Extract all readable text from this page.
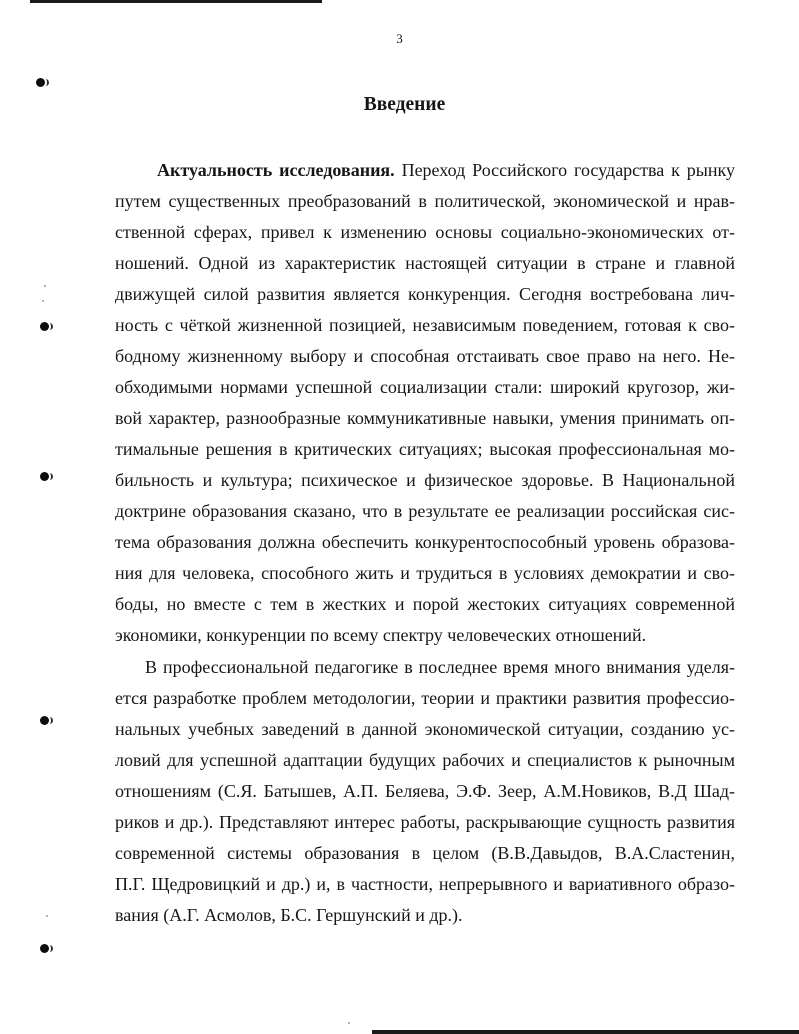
3
Введение

Актуальность исследования. Переход Российского государства к рынку
путем существенных преобразований в политической, экономической и нрав-
ственной сферах, привел к изменению основы социально-экономических от-
ношений. Одной из характеристик настоящей ситуации в стране и главной
движущей силой развития является конкуренция. Сегодня востребована лич-
ность с чёткой жизненной позицией, независимым поведением, готовая к сво-
бодному жизненному выбору и способная отстаивать свое право на него. Не-
обходимыми нормами успешной социализации стали: широкий кругозор, жи-
вой характер, разнообразные коммуникативные навыки, умения принимать оп-
тимальные решения в критических ситуациях; высокая профессиональная мо-
бильность и культура; психическое и физическое здоровье. В Национальной
доктрине образования сказано, что в результате ее реализации российская сис-
тема образования должна обеспечить конкурентоспособный уровень образова-
ния для человека, способного жить и трудиться в условиях демократии и сво-
боды, но вместе с тем в жестких и порой жестоких ситуациях современной
экономики, конкуренции по всему спектру человеческих отношений.

В профессиональной педагогике в последнее время много внимания уделя-
ется разработке проблем методологии, теории и практики развития профессио-
нальных учебных заведений в данной экономической ситуации, созданию ус-
ловий для успешной адаптации будущих рабочих и специалистов к рыночным
отношениям (С.Я. Батышев, А.П. Беляева, Э.Ф. Зеер, А.М.Новиков, В.Д Шад-
риков и др.). Представляют интерес работы, раскрывающие сущность развития
современной системы образования в целом (В.В.Давыдов, В.А.Сластенин,
П.Г. Щедровицкий и др.) и, в частности, непрерывного и вариативного образо-
вания (А.Г. Асмолов, Б.С. Гершунский и др.).
